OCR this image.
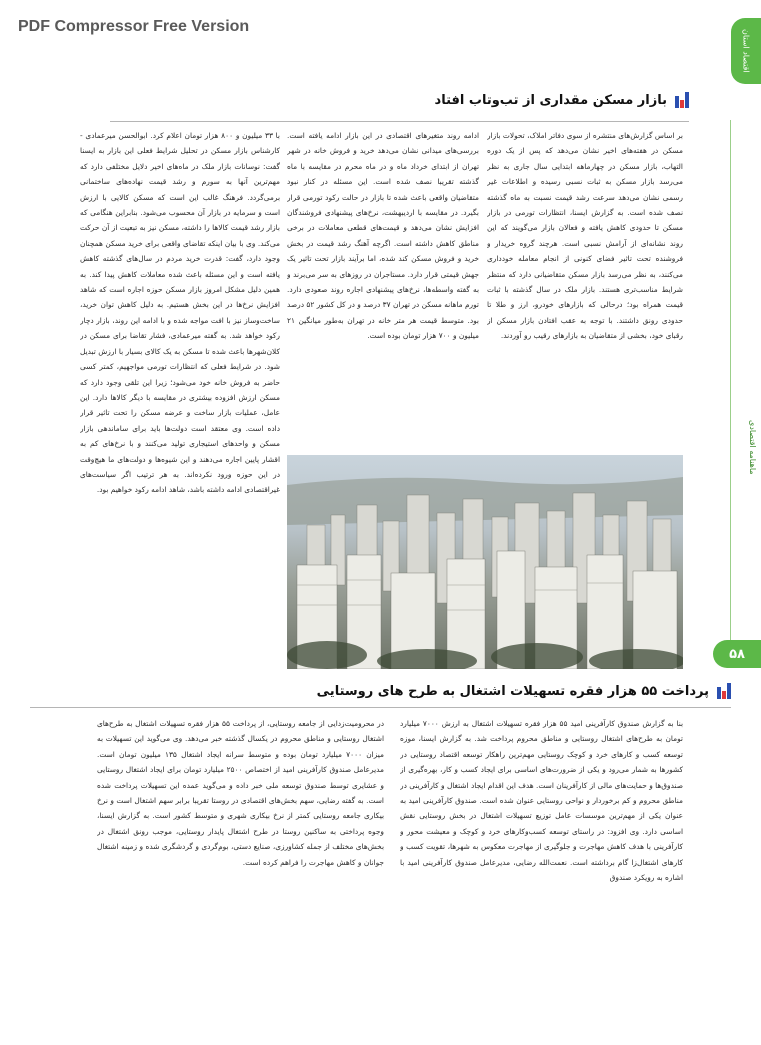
PDF Compressor Free Version
اقتصاد استان
ماهنامه اقتصادی
۵۸
بازار مسکن مقداری از تب‌وتاب افتاد

بر اساس گزارش‌های منتشره از سوی دفاتر املاک، تحولات بازار مسکن در هفته‌های اخیر نشان می‌دهد که پس از یک دوره التهاب، بازار مسکن در چهارماهه ابتدایی سال جاری به نظر می‌رسد بازار مسکن به ثبات نسبی رسیده و اطلاعات غیر رسمی نشان می‌دهد سرعت رشد قیمت نسبت به ماه گذشته نصف شده است. به گزارش ایسنا، انتظارات تورمی در بازار مسکن تا حدودی کاهش یافته و فعالان بازار می‌گویند که این روند نشانه‌ای از آرامش نسبی است. هرچند گروه خریدار و فروشنده تحت تاثیر فضای کنونی از انجام معامله خودداری می‌کنند، به نظر می‌رسد بازار مسکن متقاضیانی دارد که منتظر شرایط مناسب‌تری هستند. بازار ملک در سال گذشته با ثبات قیمت همراه بود؛ درحالی که بازارهای خودرو، ارز و طلا تا حدودی رونق داشتند. با توجه به عقب افتادن بازار مسکن از رقبای خود، بخشی از متقاضیان به بازارهای رقیب رو آوردند.

ادامه روند متغیرهای اقتصادی در این بازار ادامه یافته است. بررسی‌های میدانی نشان می‌دهد خرید و فروش خانه در شهر تهران از ابتدای خرداد ماه و در ماه محرم در مقایسه با ماه گذشته تقریبا نصف شده است. این مسئله در کنار نبود متقاضیان واقعی باعث شده تا بازار در حالت رکود تورمی قرار بگیرد. در مقایسه با اردیبهشت، نرخ‌های پیشنهادی فروشندگان افزایش نشان می‌دهد و قیمت‌های قطعی معاملات در برخی مناطق کاهش داشته است. اگرچه آهنگ رشد قیمت در بخش خرید و فروش مسکن کند شده، اما برآیند بازار تحت تاثیر یک جهش قیمتی قرار دارد. مستاجران در روزهای به سر می‌برند و به گفته واسطه‌ها، نرخ‌های پیشنهادی اجاره روند صعودی دارد. تورم ماهانه مسکن در تهران ۳۷ درصد و در کل کشور ۵۲ درصد بود. متوسط قیمت هر متر خانه در تهران به‌طور میانگین ۲۱ میلیون و ۷۰۰ هزار تومان بوده است.

با ۳۳ میلیون و ۸۰۰ هزار تومان اعلام کرد. ابوالحسن میرعمادی - کارشناس بازار مسکن در تحلیل شرایط فعلی این بازار به ایسنا گفت: نوسانات بازار ملک در ماه‌های اخیر دلایل مختلفی دارد که مهم‌ترین آنها به سورم و رشد قیمت نهاده‌های ساختمانی برمی‌گردد. فرهنگ غالب این است که مسکن کالایی با ارزش است و سرمایه در بازار آن محسوب می‌شود. بنابراین هنگامی که بازار رشد قیمت کالاها را داشته، مسکن نیز به تبعیت از آن حرکت می‌کند. وی با بیان اینکه تقاضای واقعی برای خرید مسکن همچنان وجود دارد، گفت: قدرت خرید مردم در سال‌های گذشته کاهش یافته است و این مسئله باعث شده معاملات کاهش پیدا کند. به همین دلیل مشکل امروز بازار مسکن حوزه اجاره است که شاهد افزایش نرخ‌ها در این بخش هستیم. به دلیل کاهش توان خرید، ساخت‌وساز نیز با افت مواجه شده و با ادامه این روند، بازار دچار رکود خواهد شد. به گفته میرعمادی، فشار تقاضا برای مسکن در کلان‌شهرها باعث شده تا مسکن به یک کالای بسیار با ارزش تبدیل شود. در شرایط فعلی که انتظارات تورمی مواجهیم، کمتر کسی حاضر به فروش خانه خود می‌شود؛ زیرا این تلقی وجود دارد که مسکن ارزش افزوده بیشتری در مقایسه با دیگر کالاها دارد. این عامل، عملیات بازار ساخت و عرضه مسکن را تحت تاثیر قرار داده است. وی معتقد است دولت‌ها باید برای ساماندهی بازار مسکن و واحدهای استیجاری تولید می‌کنند و با نرخ‌های کم به اقشار پایین اجاره می‌دهند و این شیوه‌ها و دولت‌های ما هیچ‌وقت در این حوزه ورود نکرده‌اند. به هر ترتیب اگر سیاست‌های غیراقتصادی ادامه داشته باشد، شاهد ادامه رکود خواهیم بود.

پرداخت ۵۵ هزار فقره تسهیلات اشتغال به طرح های روستایی

بنا به گزارش صندوق کارآفرینی امید ۵۵ هزار فقره تسهیلات اشتغال به ارزش ۷۰۰۰ میلیارد تومان به طرح‌های اشتغال روستایی و مناطق محروم پرداخت شد. به گزارش ایسنا، موزه توسعه کسب و کارهای خرد و کوچک روستایی مهم‌ترین راهکار توسعه اقتصاد روستایی در کشورها به شمار می‌رود و یکی از ضرورت‌های اساسی برای ایجاد کسب و کار، بهره‌گیری از صندوق‌ها و حمایت‌های مالی از کارآفرینان است. هدف این اقدام ایجاد اشتغال و کارآفرینی در مناطق محروم و کم برخوردار و نواحی روستایی عنوان شده است. صندوق کارآفرینی امید به عنوان یکی از مهم‌ترین موسسات عامل توزیع تسهیلات اشتغال در بخش روستایی نقش اساسی دارد. وی افزود: در راستای توسعه کسب‌وکارهای خرد و کوچک و معیشت محور و کارآفرینی با هدف کاهش مهاجرت و جلوگیری از مهاجرت معکوس به شهرها، تقویت کسب و کارهای اشتغال‌زا گام برداشته است. نعمت‌الله رضایی، مدیرعامل صندوق کارآفرینی امید با اشاره به رویکرد صندوق

در محرومیت‌زدایی از جامعه روستایی، از پرداخت ۵۵ هزار فقره تسهیلات اشتغال به طرح‌های اشتغال روستایی و مناطق محروم در یکسال گذشته خبر می‌دهد. وی می‌گوید این تسهیلات به میزان ۷۰۰۰ میلیارد تومان بوده و متوسط سرانه ایجاد اشتغال ۱۳۵ میلیون تومان است. مدیرعامل صندوق کارآفرینی امید از اختصاص ۲۵۰۰ میلیارد تومان برای ایجاد اشتغال روستایی و عشایری توسط صندوق توسعه ملی خبر داده و می‌گوید عمده این تسهیلات پرداخت شده است. به گفته رضایی، سهم بخش‌های اقتصادی در روستا تقریبا برابر سهم اشتغال است و نرخ بیکاری جامعه روستایی کمتر از نرخ بیکاری شهری و متوسط کشور است. به گزارش ایسنا، وجوه پرداختی به ساکنین روستا در طرح اشتغال پایدار روستایی، موجب رونق اشتغال در بخش‌های مختلف از جمله کشاورزی، صنایع دستی، بوم‌گردی و گردشگری شده و زمینه اشتغال جوانان و کاهش مهاجرت را فراهم کرده است.
